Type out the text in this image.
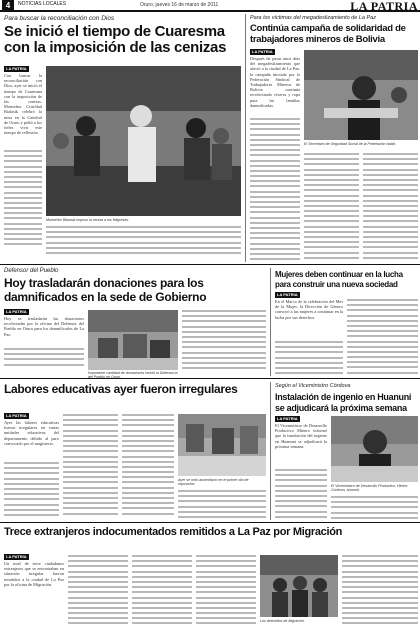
4	NOTICIAS LOCALES	Oruro, jueves 16 de marzo de 2011	LA PATRIA
Para buscar la reconciliación con Dios
Se inició el tiempo de Cuaresma con la imposición de las cenizas
LA PATRIA
Con buscar la reconciliación con Dios, ayer se inició el tiempo de Cuaresma con la imposición de las cenizas. Monseñor Cristóbal Bialasik celebró la misa en la Catedral de Oruro y pidió a los fieles vivir este tiempo de reflexión.
Monseñor Bialasik impuso la ceniza a los feligreses.
Para los víctimas del megadeslizamiento de La Paz
Continúa campaña de solidaridad de trabajadores mineros de Bolivia
LA PATRIA
Después de pasar unos días del megadeslizamiento que afectó a la ciudad de La Paz, la campaña iniciada por la Federación Sindical de Trabajadores Mineros de Bolivia continúa recolectando víveres y ropa para las familias damnificadas.
El Secretario de Seguridad Social de la Federación habló.
Defensor del Pueblo
Hoy trasladarán donaciones para los damnificados en la sede de Gobierno
LA PATRIA
Hoy se trasladarán las donaciones recolectadas por la oficina del Defensor del Pueblo en Oruro para los damnificados de La Paz.
Importante cantidad de donaciones reunió la Defensoría
Mujeres deben continuar en la lucha para construir una nueva sociedad
LA PATRIA
En el Marco de la celebración del Mes de la Mujer, la Dirección de Género convocó a las mujeres a continuar en la lucha por sus derechos.
Labores educativas ayer fueron irregulares
LA PATRIA
Ayer las labores educativas fueron irregulares en varias unidades educativas del departamento debido al paro convocado por el magisterio.
Ayer se notó ausentismo en el primer día de reposición.
Según el Viceministro Córdova
Instalación de ingenio en Huanuni se adjudicará la próxima semana
LA PATRIA
El Viceministro de Desarrollo Productivo Minero informó que la instalación del ingenio en Huanuni se adjudicará la próxima semana.
El Viceministro de Desarrollo Productivo, Héctor Córdova, anunció.
Trece extranjeros indocumentados remitidos a La Paz por Migración
LA PATRIA
Un total de trece ciudadanos extranjeros que se encontraban en situación irregular fueron remitidos a la ciudad de La Paz por la oficina de Migración.
Los detenidos de Migración.
